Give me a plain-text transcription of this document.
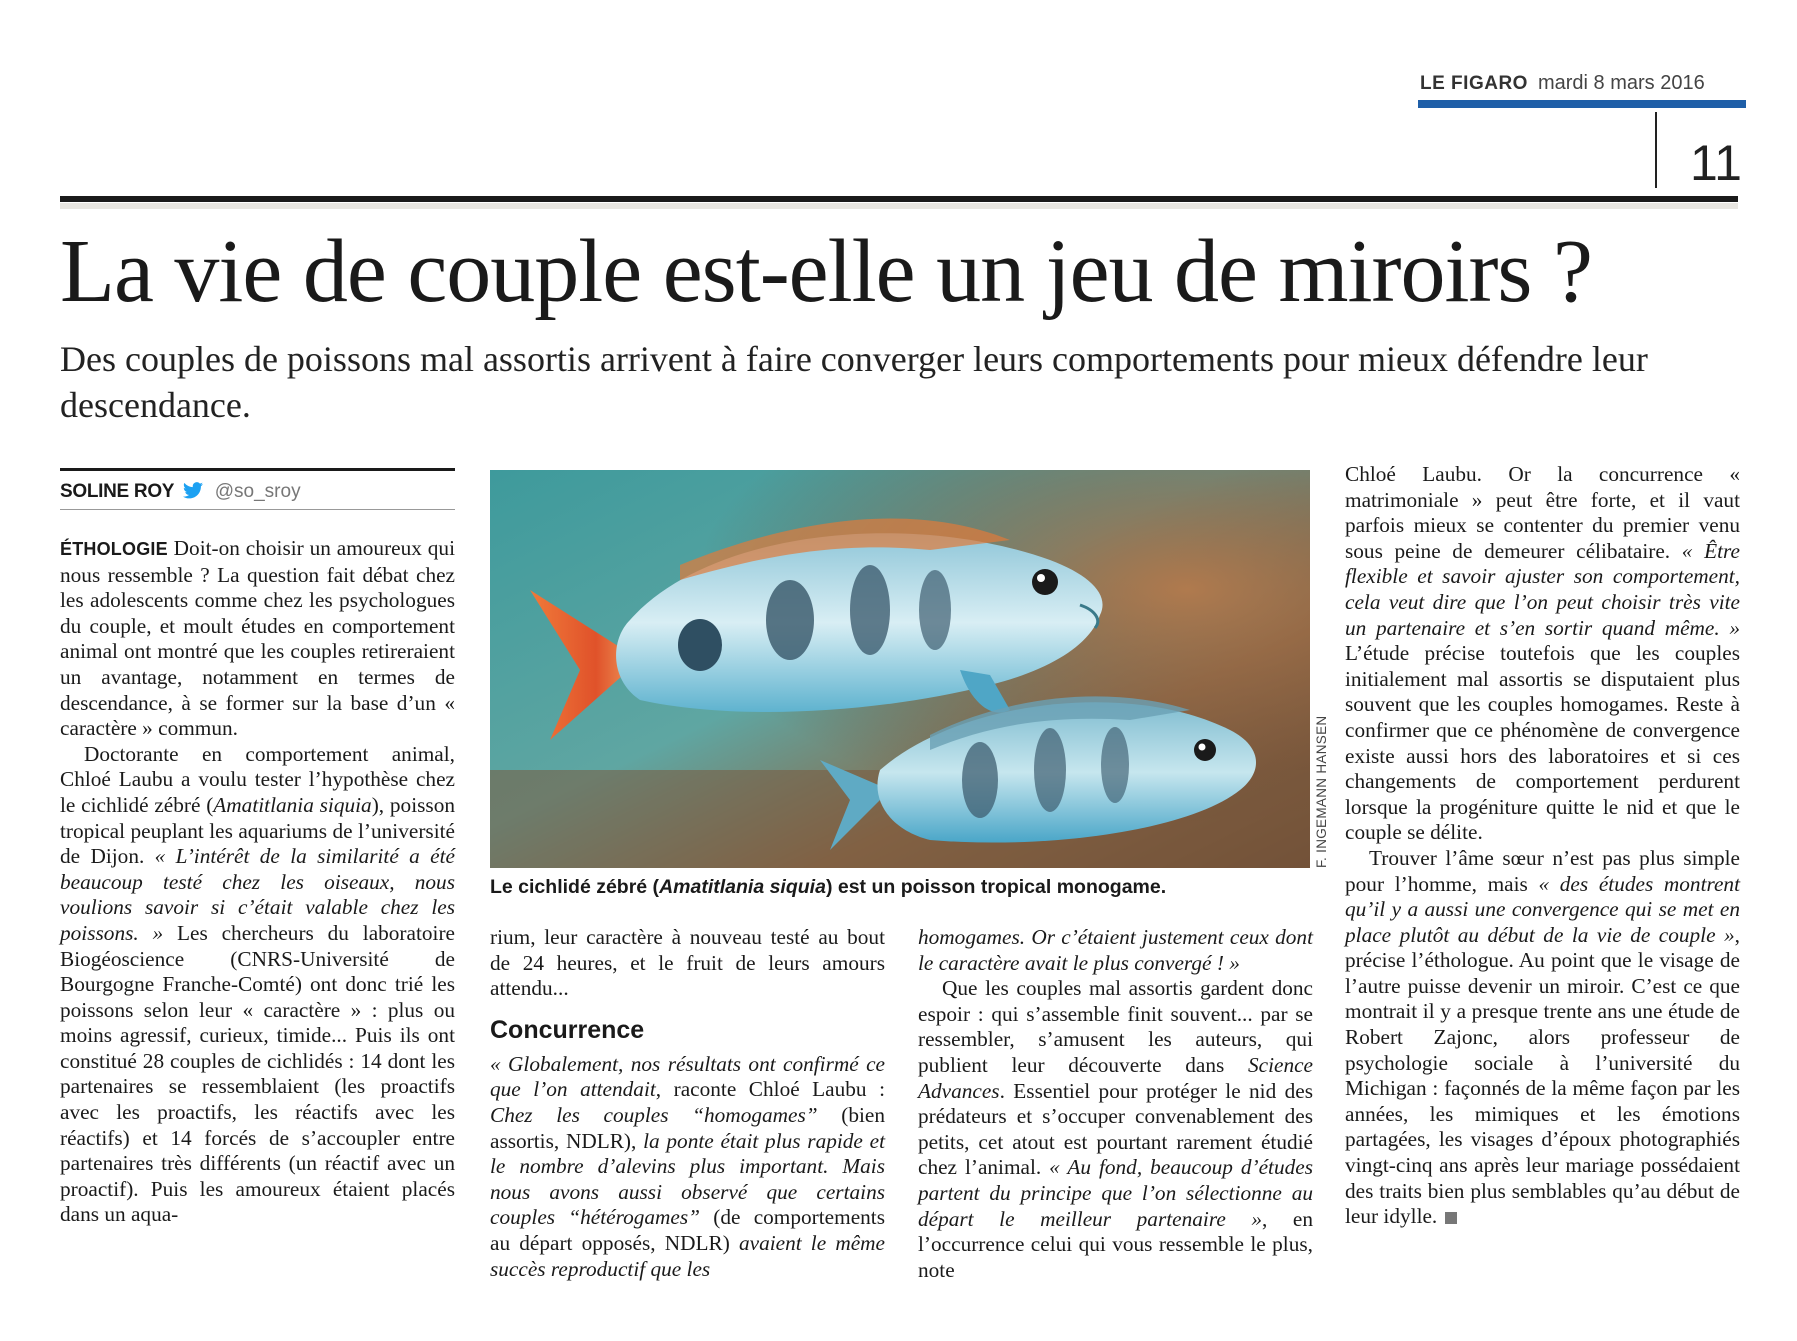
LE FIGARO mardi 8 mars 2016
11
La vie de couple est-elle un jeu de miroirs ?
Des couples de poissons mal assortis arrivent à faire converger leurs comportements pour mieux défendre leur descendance.
SOLINE ROY @so_sroy

ÉTHOLOGIE Doit-on choisir un amoureux qui nous ressemble ? La question fait débat chez les adolescents comme chez les psychologues du couple, et moult études en comportement animal ont montré que les couples retireraient un avantage, notamment en termes de descendance, à se former sur la base d’un « caractère » commun.

Doctorante en comportement animal, Chloé Laubu a voulu tester l’hypothèse chez le cichlidé zébré (Amatitlania siquia), poisson tropical peuplant les aquariums de l’université de Dijon. « L’intérêt de la similarité a été beaucoup testé chez les oiseaux, nous voulions savoir si c’était valable chez les poissons. » Les chercheurs du laboratoire Biogéoscience (CNRS-Université de Bourgogne Franche-Comté) ont donc trié les poissons selon leur « caractère » : plus ou moins agressif, curieux, timide... Puis ils ont constitué 28 couples de cichlidés : 14 dont les partenaires se ressemblaient (les proactifs avec les proactifs, les réactifs avec les réactifs) et 14 forcés de s’accoupler entre partenaires très différents (un réactif avec un proactif). Puis les amoureux étaient placés dans un aqua-

F. INGEMANN HANSEN
Le cichlidé zébré (Amatitlania siquia) est un poisson tropical monogame.

rium, leur caractère à nouveau testé au bout de 24 heures, et le fruit de leurs amours attendu...

Concurrence

« Globalement, nos résultats ont confirmé ce que l’on attendait, raconte Chloé Laubu : Chez les couples “homogames” (bien assortis, NDLR), la ponte était plus rapide et le nombre d’alevins plus important. Mais nous avons aussi observé que certains couples “hétérogames” (de comportements au départ opposés, NDLR) avaient le même succès reproductif que les

homogames. Or c’étaient justement ceux dont le caractère avait le plus convergé ! »

Que les couples mal assortis gardent donc espoir : qui s’assemble finit souvent... par se ressembler, s’amusent les auteurs, qui publient leur découverte dans Science Advances. Essentiel pour protéger le nid des prédateurs et s’occuper convenablement des petits, cet atout est pourtant rarement étudié chez l’animal. « Au fond, beaucoup d’études partent du principe que l’on sélectionne au départ le meilleur partenaire », en l’occurrence celui qui vous ressemble le plus, note

Chloé Laubu. Or la concurrence « matrimoniale » peut être forte, et il vaut parfois mieux se contenter du premier venu sous peine de demeurer célibataire. « Être flexible et savoir ajuster son comportement, cela veut dire que l’on peut choisir très vite un partenaire et s’en sortir quand même. » L’étude précise toutefois que les couples initialement mal assortis se disputaient plus souvent que les couples homogames. Reste à confirmer que ce phénomène de convergence existe aussi hors des laboratoires et si ces changements de comportement perdurent lorsque la progéniture quitte le nid et que le couple se délite.

Trouver l’âme sœur n’est pas plus simple pour l’homme, mais « des études montrent qu’il y a aussi une convergence qui se met en place plutôt au début de la vie de couple », précise l’éthologue. Au point que le visage de l’autre puisse devenir un miroir. C’est ce que montrait il y a presque trente ans une étude de Robert Zajonc, alors professeur de psychologie sociale à l’université du Michigan : façonnés de la même façon par les années, les mimiques et les émotions partagées, les visages d’époux photographiés vingt-cinq ans après leur mariage possédaient des traits bien plus semblables qu’au début de leur idylle.
